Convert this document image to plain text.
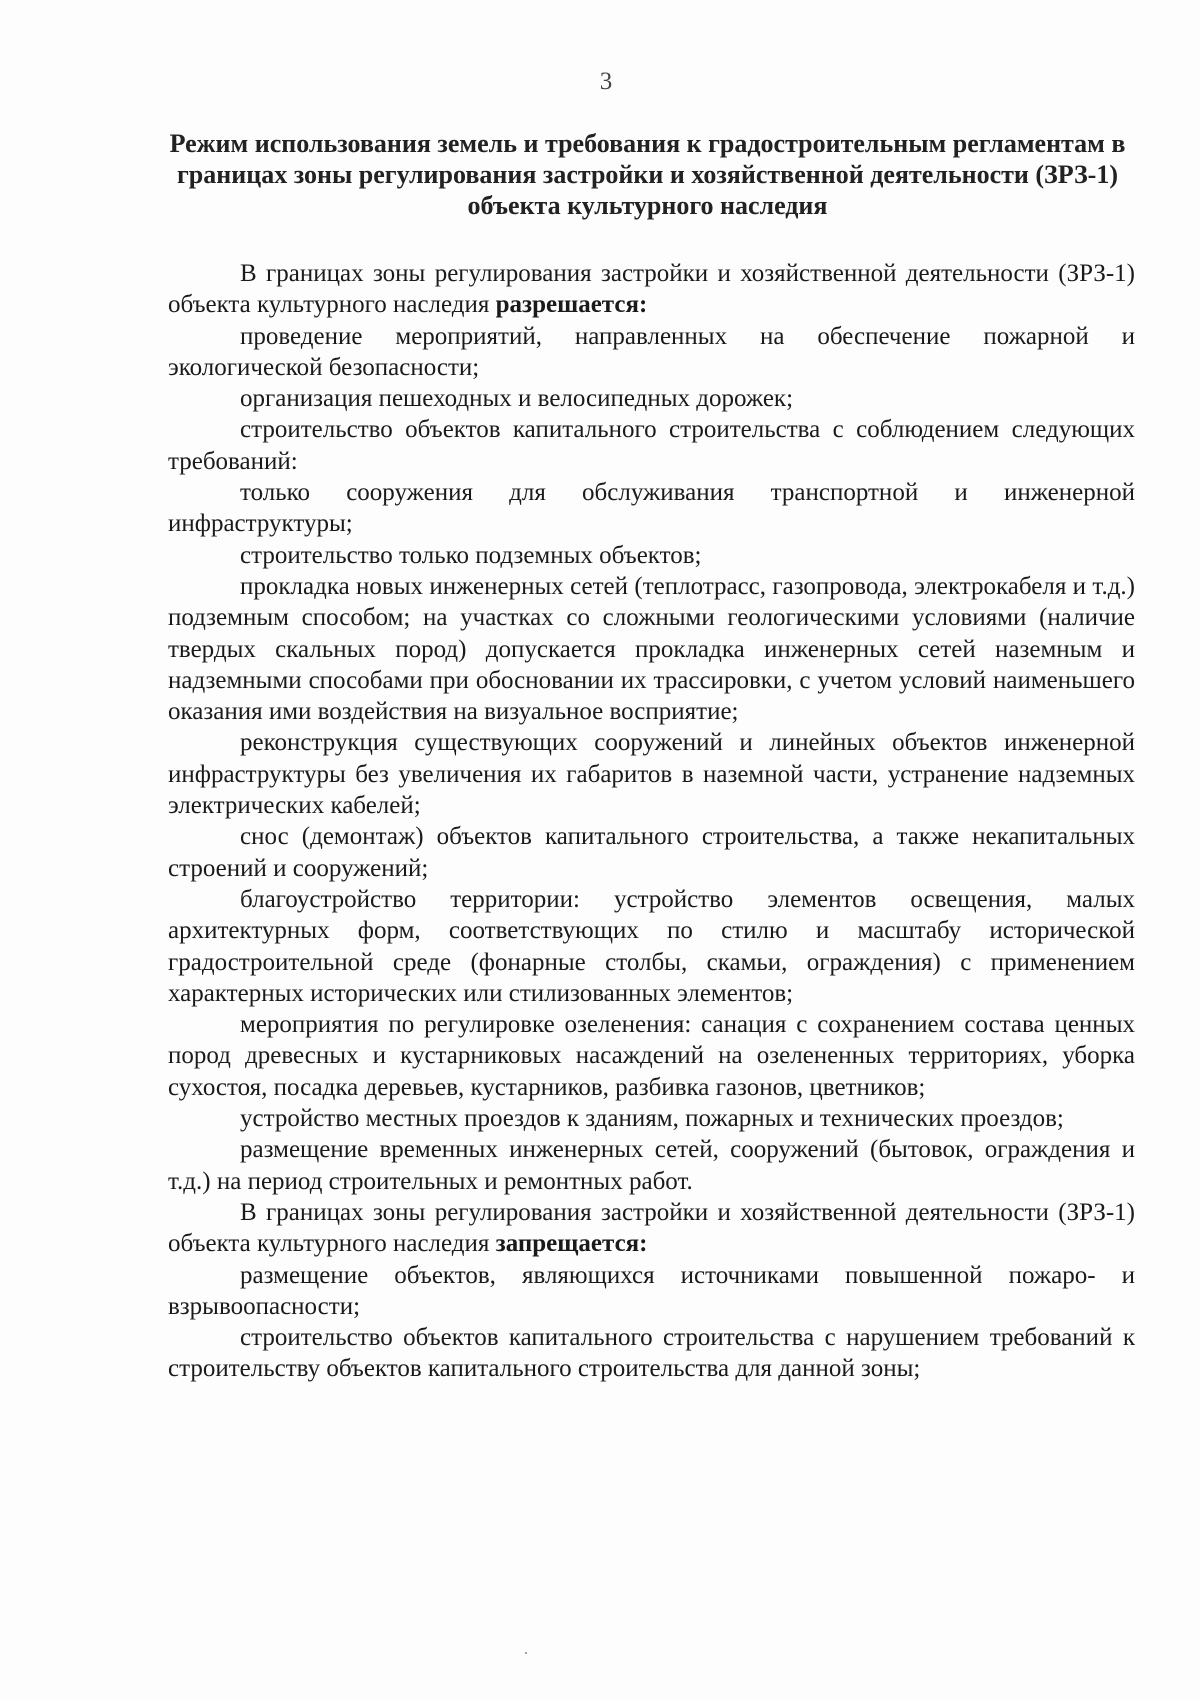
3
Режим использования земель и требования к градостроительным регламентам в границах зоны регулирования застройки и хозяйственной деятельности (ЗРЗ-1) объекта культурного наследия

В границах зоны регулирования застройки и хозяйственной деятельности (ЗРЗ-1) объекта культурного наследия разрешается:

проведение мероприятий, направленных на обеспечение пожарной и экологической безопасности;

организация пешеходных и велосипедных дорожек;

строительство объектов капитального строительства с соблюдением следующих требований:

только сооружения для обслуживания транспортной и инженерной инфраструктуры;

строительство только подземных объектов;

прокладка новых инженерных сетей (теплотрасс, газопровода, электрокабеля и т.д.) подземным способом; на участках со сложными геологическими условиями (наличие твердых скальных пород) допускается прокладка инженерных сетей наземным и надземными способами при обосновании их трассировки, с учетом условий наименьшего оказания ими воздействия на визуальное восприятие;

реконструкция существующих сооружений и линейных объектов инженерной инфраструктуры без увеличения их габаритов в наземной части, устранение надземных электрических кабелей;

снос (демонтаж) объектов капитального строительства, а также некапитальных строений и сооружений;

благоустройство территории: устройство элементов освещения, малых архитектурных форм, соответствующих по стилю и масштабу исторической градостроительной среде (фонарные столбы, скамьи, ограждения) с применением характерных исторических или стилизованных элементов;

мероприятия по регулировке озеленения: санация с сохранением состава ценных пород древесных и кустарниковых насаждений на озелененных территориях, уборка сухостоя, посадка деревьев, кустарников, разбивка газонов, цветников;

устройство местных проездов к зданиям, пожарных и технических проездов;

размещение временных инженерных сетей, сооружений (бытовок, ограждения и т.д.) на период строительных и ремонтных работ.

В границах зоны регулирования застройки и хозяйственной деятельности (ЗРЗ-1) объекта культурного наследия запрещается:

размещение объектов, являющихся источниками повышенной пожаро- и взрывоопасности;

строительство объектов капитального строительства с нарушением требований к строительству объектов капитального строительства для данной зоны;
